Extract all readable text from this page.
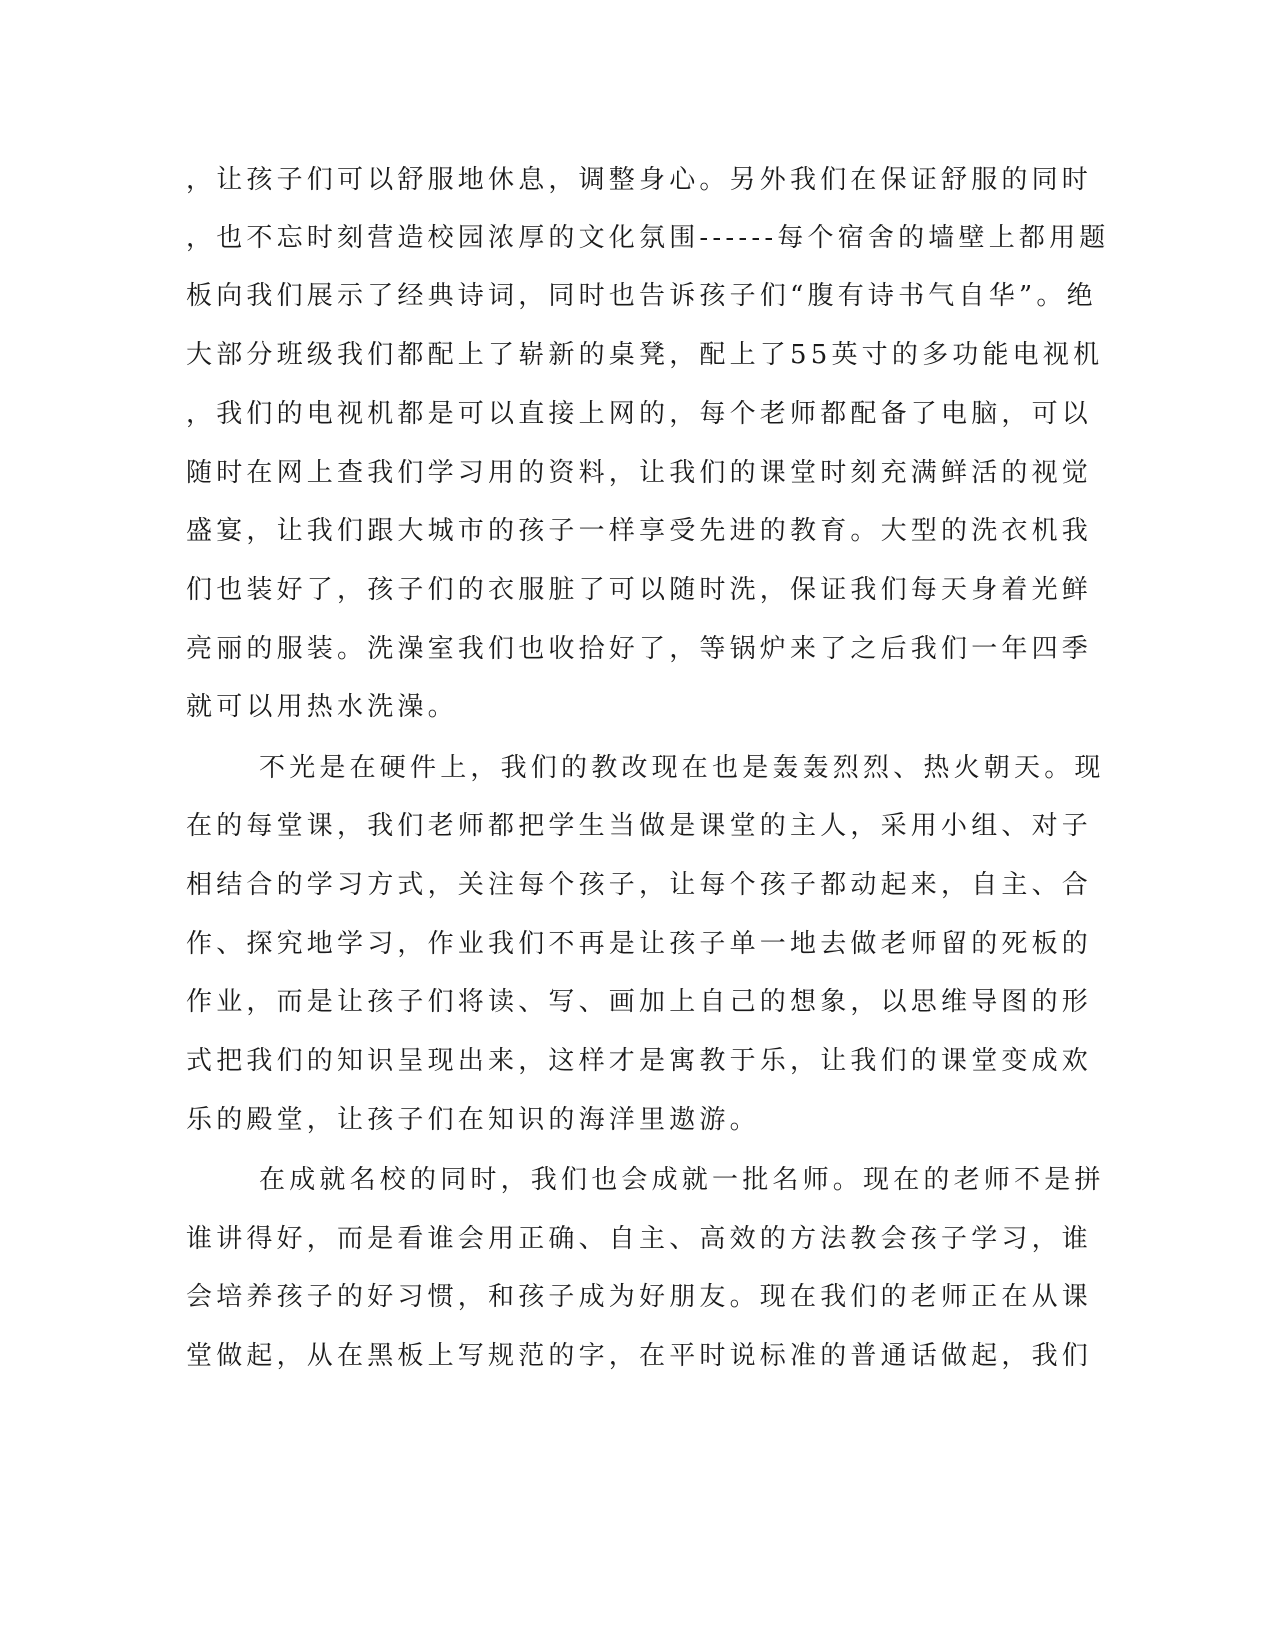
，让孩子们可以舒服地休息，调整身心。另外我们在保证舒服的同时
，也不忘时刻营造校园浓厚的文化氛围------每个宿舍的墙壁上都用题
板向我们展示了经典诗词，同时也告诉孩子们“腹有诗书气自华”。绝
大部分班级我们都配上了崭新的桌凳，配上了55英寸的多功能电视机
，我们的电视机都是可以直接上网的，每个老师都配备了电脑，可以
随时在网上查我们学习用的资料，让我们的课堂时刻充满鲜活的视觉
盛宴，让我们跟大城市的孩子一样享受先进的教育。大型的洗衣机我
们也装好了，孩子们的衣服脏了可以随时洗，保证我们每天身着光鲜
亮丽的服装。洗澡室我们也收拾好了，等锅炉来了之后我们一年四季
就可以用热水洗澡。
不光是在硬件上，我们的教改现在也是轰轰烈烈、热火朝天。现
在的每堂课，我们老师都把学生当做是课堂的主人，采用小组、对子
相结合的学习方式，关注每个孩子，让每个孩子都动起来，自主、合
作、探究地学习，作业我们不再是让孩子单一地去做老师留的死板的
作业，而是让孩子们将读、写、画加上自己的想象，以思维导图的形
式把我们的知识呈现出来，这样才是寓教于乐，让我们的课堂变成欢
乐的殿堂，让孩子们在知识的海洋里遨游。
在成就名校的同时，我们也会成就一批名师。现在的老师不是拼
谁讲得好，而是看谁会用正确、自主、高效的方法教会孩子学习，谁
会培养孩子的好习惯，和孩子成为好朋友。现在我们的老师正在从课
堂做起，从在黑板上写规范的字，在平时说标准的普通话做起，我们
